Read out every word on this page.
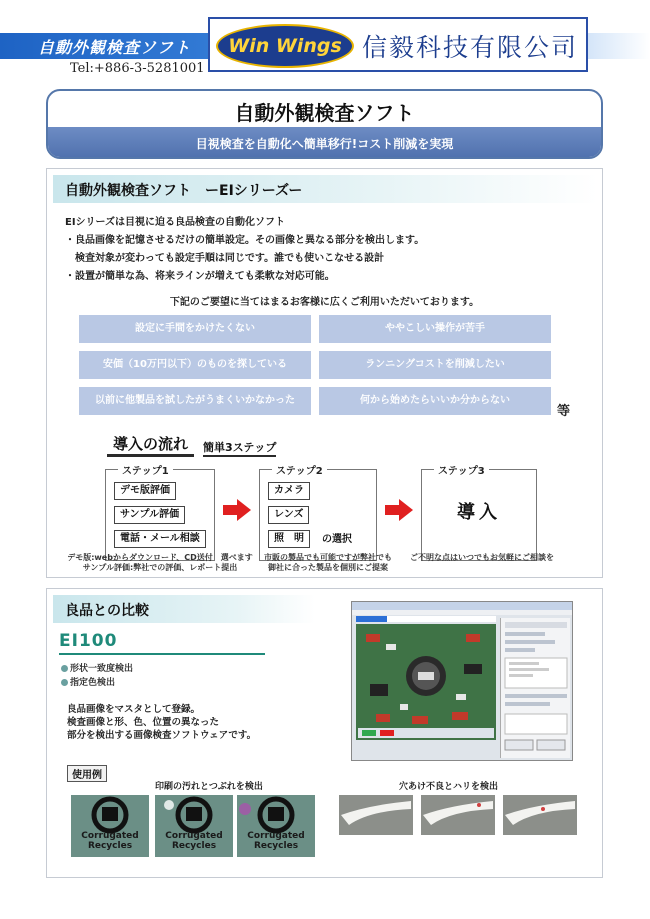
自動外観検査ソフト
Tel:+886-3-5281001
Win Wings 信毅科技有限公司
自動外観検査ソフト
目視検査を自動化へ簡単移行!コスト削減を実現
自動外観検査ソフト　ーEIシリーズー
EIシリーズは目視に迫る良品検査の自動化ソフト
・良品画像を記憶させるだけの簡単設定。その画像と異なる部分を検出します。
　検査対象が変わっても設定手順は同じです。誰でも使いこなせる設計
・設置が簡単な為、将来ラインが増えても柔軟な対応可能。
下記のご要望に当てはまるお客様に広くご利用いただいております。
設定に手間をかけたくない	ややこしい操作が苦手
安価（10万円以下）のものを探している	ランニングコストを削減したい
以前に他製品を試したがうまくいかなかった	何から始めたらいいか分からない
等
導入の流れ	簡単3ステップ
ステップ1
デモ版評価
サンプル評価
電話・メール相談
ステップ2
カメラ
レンズ
照　明	の選択
ステップ3
導入
デモ版:webからダウンロード、CD送付　選べます
サンプル評価:弊社での評価、レポート提出
市販の製品でも可能ですが弊社でも
御社に合った製品を個別にご提案
ご不明な点はいつでもお気軽にご相談を
良品との比較
EI100
形状一致度検出
指定色検出
良品画像をマスタとして登録。
検査画像と形、色、位置の異なった
部分を検出する画像検査ソフトウェアです。
使用例
印刷の汚れとつぶれを検出	穴あけ不良とハリを検出
Corrugated
Recycles
Corrugated
Recycles
Corrugated
Recycles
